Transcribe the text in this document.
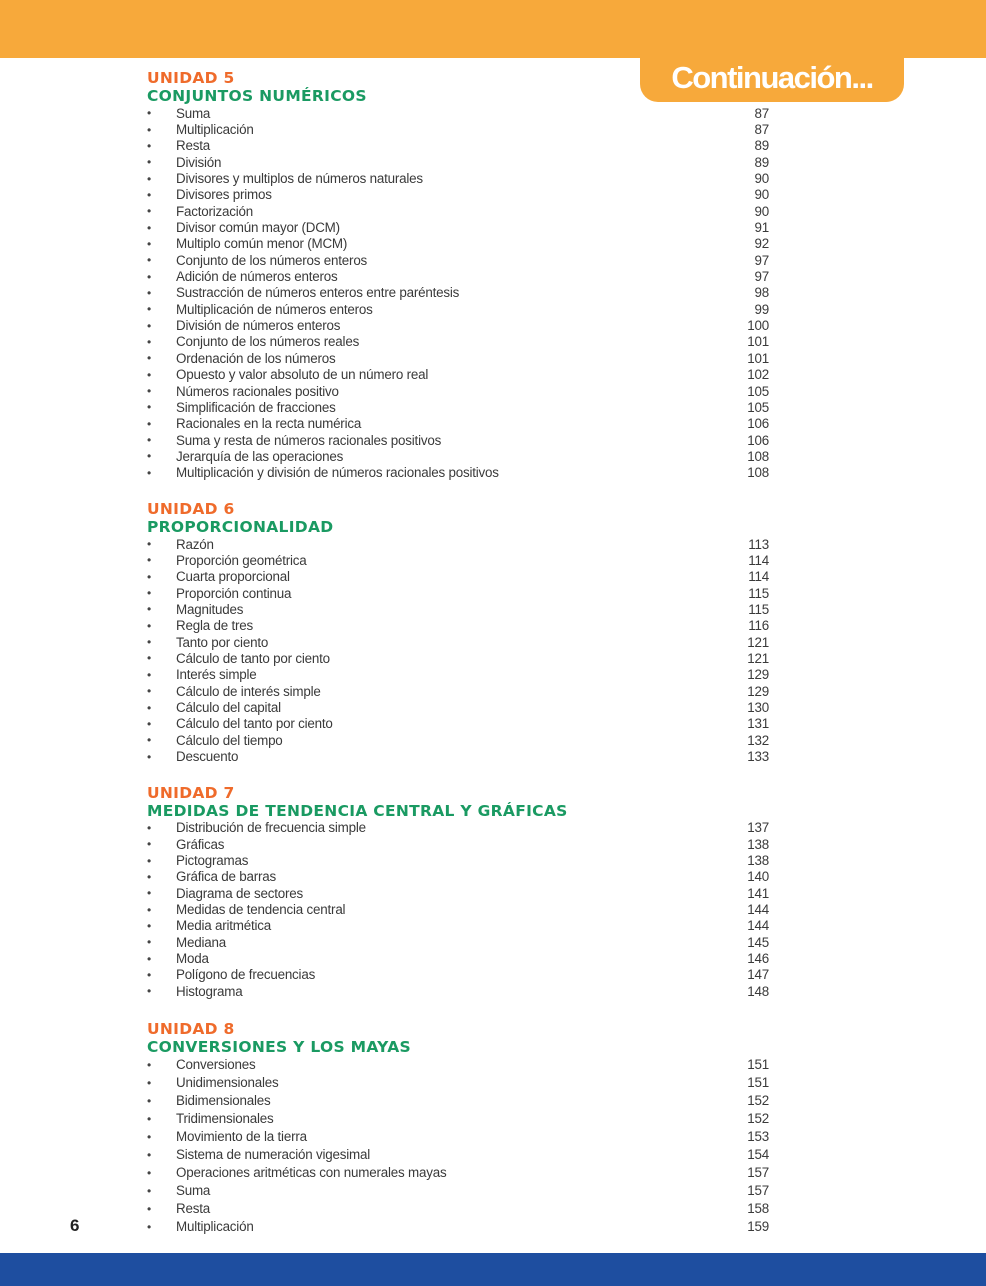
Continuación...
UNIDAD 5
CONJUNTOS NUMÉRICOS
•	Suma	87
•	Multiplicación	87
•	Resta	89
•	División	89
•	Divisores y multiplos de números naturales	90
•	Divisores primos	90
•	Factorización	90
•	Divisor común mayor (DCM)	91
•	Multiplo común menor (MCM)	92
•	Conjunto de los números enteros	97
•	Adición de números enteros	97
•	Sustracción de números enteros entre paréntesis	98
•	Multiplicación de números enteros	99
•	División de números enteros	100
•	Conjunto de los números reales	101
•	Ordenación de los números	101
•	Opuesto y valor absoluto de un número real	102
•	Números racionales positivo	105
•	Simplificación de fracciones	105
•	Racionales en la recta numérica	106
•	Suma y resta de números racionales positivos	106
•	Jerarquía de las operaciones	108
•	Multiplicación y división de números racionales positivos	108
UNIDAD 6
PROPORCIONALIDAD
•	Razón	113
•	Proporción geométrica	114
•	Cuarta proporcional	114
•	Proporción continua	115
•	Magnitudes	115
•	Regla de tres	116
•	Tanto por ciento	121
•	Cálculo de tanto por ciento	121
•	Interés simple	129
•	Cálculo de interés simple	129
•	Cálculo del capital	130
•	Cálculo del tanto por ciento	131
•	Cálculo del tiempo	132
•	Descuento	133
UNIDAD 7
MEDIDAS DE TENDENCIA CENTRAL Y GRÁFICAS
•	Distribución de frecuencia simple	137
•	Gráficas	138
•	Pictogramas	138
•	Gráfica de barras	140
•	Diagrama de sectores	141
•	Medidas de tendencia central	144
•	Media aritmética	144
•	Mediana	145
•	Moda	146
•	Polígono de frecuencias	147
•	Histograma	148
UNIDAD 8
CONVERSIONES Y LOS MAYAS
•	Conversiones	151
•	Unidimensionales	151
•	Bidimensionales	152
•	Tridimensionales	152
•	Movimiento de la tierra	153
•	Sistema de numeración vigesimal	154
•	Operaciones aritméticas con numerales mayas	157
•	Suma	157
•	Resta	158
•	Multiplicación	159
6
